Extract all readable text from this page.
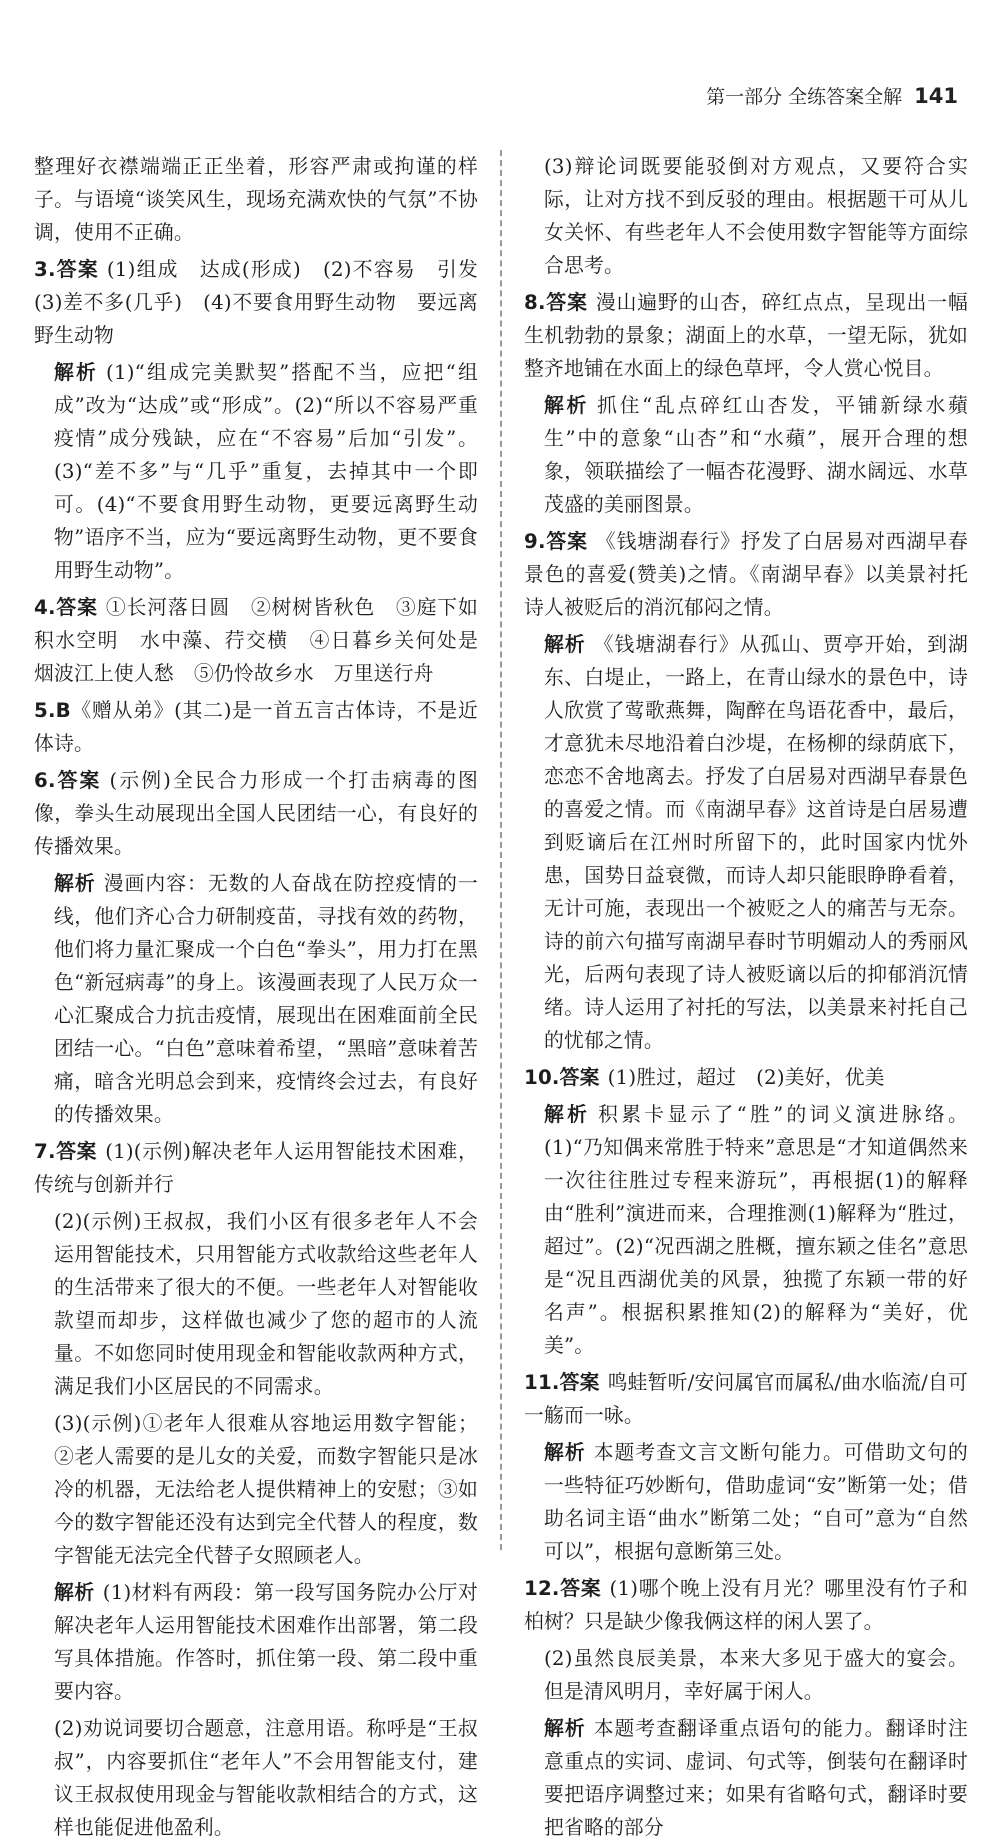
第一部分 全练答案全解 141

整理好衣襟端端正正坐着，形容严肃或拘谨的样子。与语境“谈笑风生，现场充满欢快的气氛”不协调，使用不正确。

3.答案 (1)组成　达成(形成)　(2)不容易　引发　(3)差不多(几乎)　(4)不要食用野生动物　要远离野生动物

解析 (1)“组成完美默契”搭配不当，应把“组成”改为“达成”或“形成”。(2)“所以不容易严重疫情”成分残缺，应在“不容易”后加“引发”。(3)“差不多”与“几乎”重复，去掉其中一个即可。(4)“不要食用野生动物，更要远离野生动物”语序不当，应为“要远离野生动物，更不要食用野生动物”。

4.答案 ①长河落日圆　②树树皆秋色　③庭下如积水空明　水中藻、荇交横　④日暮乡关何处是　烟波江上使人愁　⑤仍怜故乡水　万里送行舟

5.B《赠从弟》(其二)是一首五言古体诗，不是近体诗。

6.答案 (示例)全民合力形成一个打击病毒的图像，拳头生动展现出全国人民团结一心，有良好的传播效果。

解析 漫画内容：无数的人奋战在防控疫情的一线，他们齐心合力研制疫苗，寻找有效的药物，他们将力量汇聚成一个白色“拳头”，用力打在黑色“新冠病毒”的身上。该漫画表现了人民万众一心汇聚成合力抗击疫情，展现出在困难面前全民团结一心。“白色”意味着希望，“黑暗”意味着苦痛，暗含光明总会到来，疫情终会过去，有良好的传播效果。

7.答案 (1)(示例)解决老年人运用智能技术困难，传统与创新并行

(2)(示例)王叔叔，我们小区有很多老年人不会运用智能技术，只用智能方式收款给这些老年人的生活带来了很大的不便。一些老年人对智能收款望而却步，这样做也减少了您的超市的人流量。不如您同时使用现金和智能收款两种方式，满足我们小区居民的不同需求。

(3)(示例)①老年人很难从容地运用数字智能；②老人需要的是儿女的关爱，而数字智能只是冰冷的机器，无法给老人提供精神上的安慰；③如今的数字智能还没有达到完全代替人的程度，数字智能无法完全代替子女照顾老人。

解析 (1)材料有两段：第一段写国务院办公厅对解决老年人运用智能技术困难作出部署，第二段写具体措施。作答时，抓住第一段、第二段中重要内容。

(2)劝说词要切合题意，注意用语。称呼是“王叔叔”，内容要抓住“老年人”不会用智能支付，建议王叔叔使用现金与智能收款相结合的方式，这样也能促进他盈利。

(3)辩论词既要能驳倒对方观点，又要符合实际，让对方找不到反驳的理由。根据题干可从儿女关怀、有些老年人不会使用数字智能等方面综合思考。

8.答案 漫山遍野的山杏，碎红点点，呈现出一幅生机勃勃的景象；湖面上的水草，一望无际，犹如整齐地铺在水面上的绿色草坪，令人赏心悦目。

解析 抓住“乱点碎红山杏发，平铺新绿水蘋生”中的意象“山杏”和“水蘋”，展开合理的想象，领联描绘了一幅杏花漫野、湖水阔远、水草茂盛的美丽图景。

9.答案 《钱塘湖春行》抒发了白居易对西湖早春景色的喜爱(赞美)之情。《南湖早春》以美景衬托诗人被贬后的消沉郁闷之情。

解析 《钱塘湖春行》从孤山、贾亭开始，到湖东、白堤止，一路上，在青山绿水的景色中，诗人欣赏了莺歌燕舞，陶醉在鸟语花香中，最后，才意犹未尽地沿着白沙堤，在杨柳的绿荫底下，恋恋不舍地离去。抒发了白居易对西湖早春景色的喜爱之情。而《南湖早春》这首诗是白居易遭到贬谪后在江州时所留下的，此时国家内忧外患，国势日益衰微，而诗人却只能眼睁睁看着，无计可施，表现出一个被贬之人的痛苦与无奈。诗的前六句描写南湖早春时节明媚动人的秀丽风光，后两句表现了诗人被贬谪以后的抑郁消沉情绪。诗人运用了衬托的写法，以美景来衬托自己的忧郁之情。

10.答案 (1)胜过，超过　(2)美好，优美

解析 积累卡显示了“胜”的词义演进脉络。(1)“乃知偶来常胜于特来”意思是“才知道偶然来一次往往胜过专程来游玩”，再根据(1)的解释由“胜利”演进而来，合理推测(1)解释为“胜过，超过”。(2)“况西湖之胜概，擅东颖之佳名”意思是“况且西湖优美的风景，独揽了东颖一带的好名声”。根据积累推知(2)的解释为“美好，优美”。

11.答案 鸣蛙暂听/安问属官而属私/曲水临流/自可一觞而一咏。

解析 本题考查文言文断句能力。可借助文句的一些特征巧妙断句，借助虚词“安”断第一处；借助名词主语“曲水”断第二处；“自可”意为“自然可以”，根据句意断第三处。

12.答案 (1)哪个晚上没有月光？哪里没有竹子和柏树？只是缺少像我俩这样的闲人罢了。

(2)虽然良辰美景，本来大多见于盛大的宴会。但是清风明月，幸好属于闲人。

解析 本题考查翻译重点语句的能力。翻译时注意重点的实词、虚词、句式等，倒装句在翻译时要把语序调整过来；如果有省略句式，翻译时要把省略的部分
